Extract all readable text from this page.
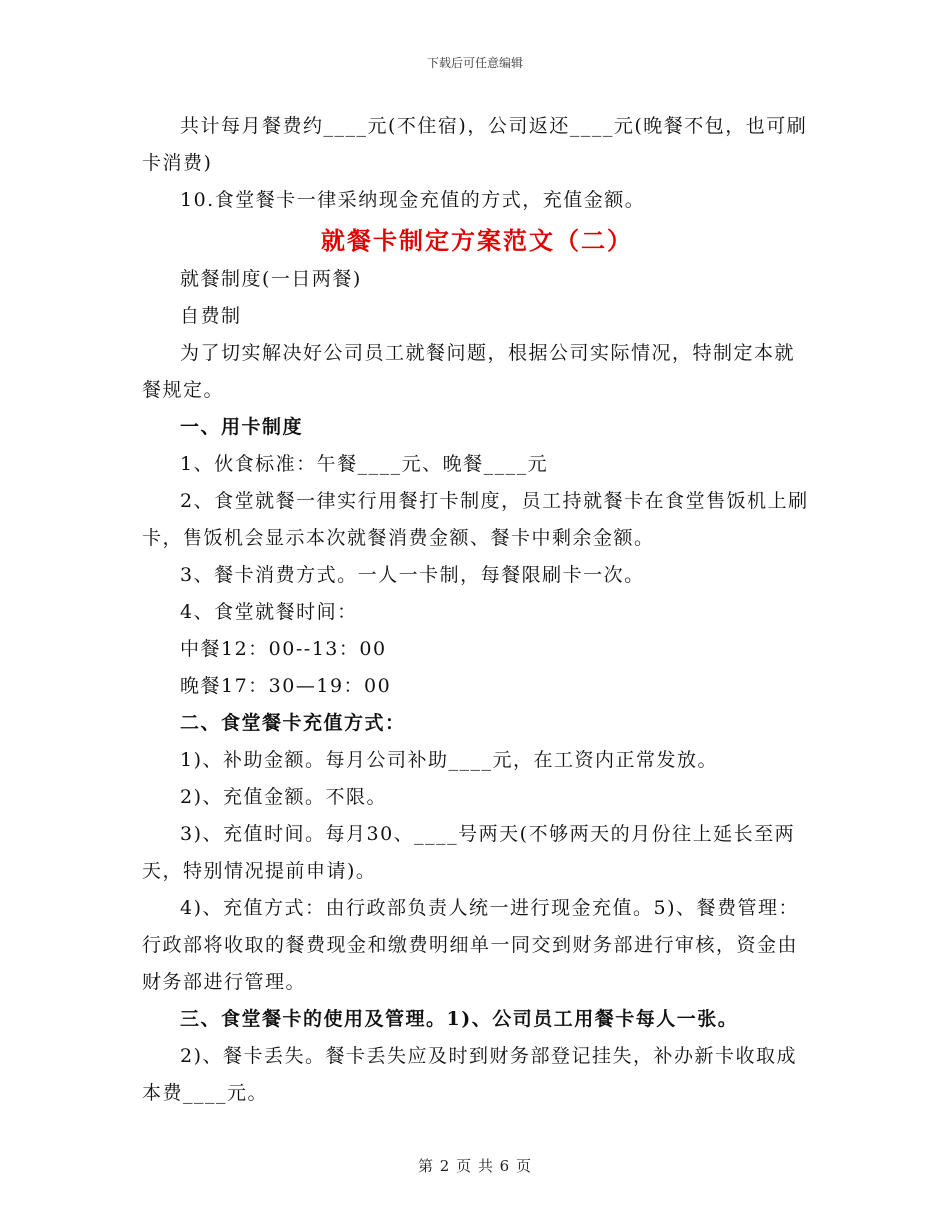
下载后可任意编辑

共计每月餐费约____元(不住宿)，公司返还____元(晚餐不包，也可刷卡消费)

10.食堂餐卡一律采纳现金充值的方式，充值金额。

就餐卡制定方案范文（二）

就餐制度(一日两餐)

自费制

为了切实解决好公司员工就餐问题，根据公司实际情况，特制定本就餐规定。

一、用卡制度

1、伙食标准：午餐____元、晚餐____元

2、食堂就餐一律实行用餐打卡制度，员工持就餐卡在食堂售饭机上刷卡，售饭机会显示本次就餐消费金额、餐卡中剩余金额。

3、餐卡消费方式。一人一卡制，每餐限刷卡一次。

4、食堂就餐时间：

中餐12：00--13：00

晚餐17：30—19：00

二、食堂餐卡充值方式：

1)、补助金额。每月公司补助____元，在工资内正常发放。

2)、充值金额。不限。

3)、充值时间。每月30、____号两天(不够两天的月份往上延长至两天，特别情况提前申请)。

4)、充值方式：由行政部负责人统一进行现金充值。5)、餐费管理：行政部将收取的餐费现金和缴费明细单一同交到财务部进行审核，资金由财务部进行管理。

三、食堂餐卡的使用及管理。1)、公司员工用餐卡每人一张。

2)、餐卡丢失。餐卡丢失应及时到财务部登记挂失，补办新卡收取成本费____元。

第 2 页 共 6 页
